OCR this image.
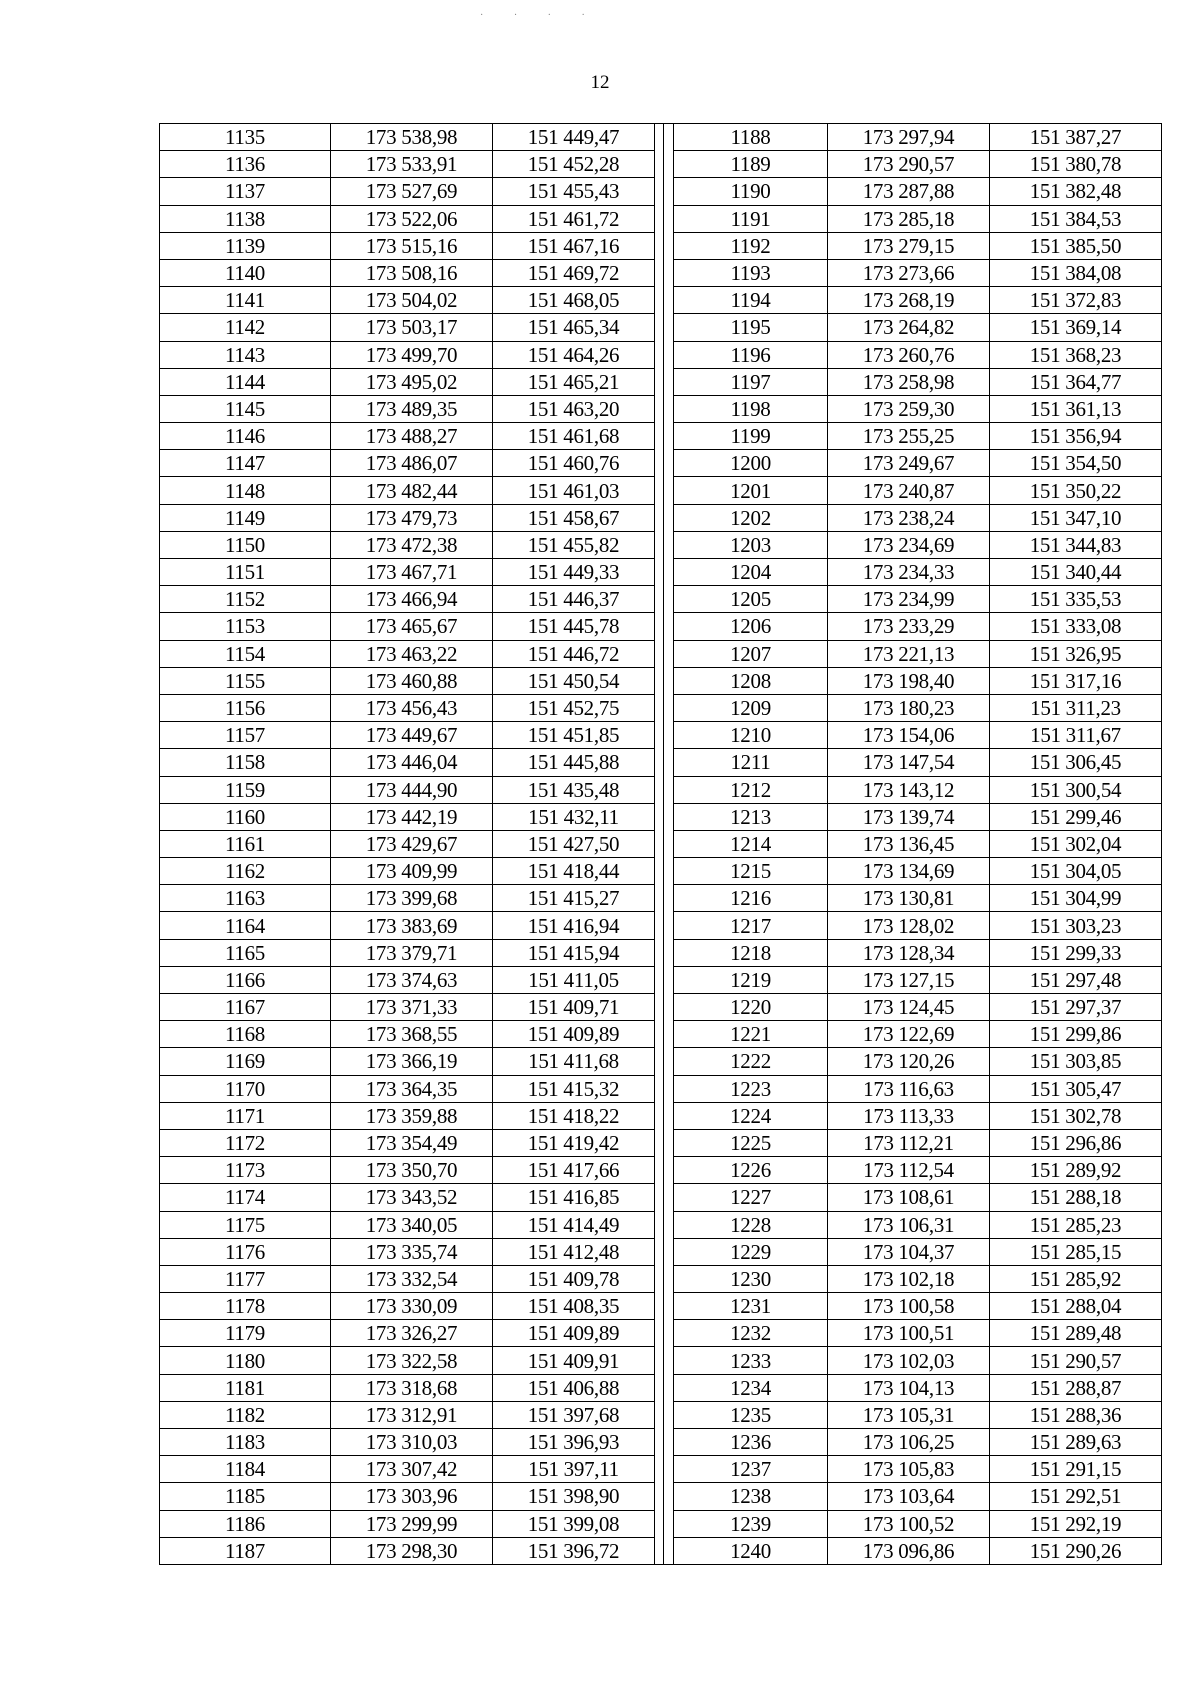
· · · ·
12
1135	173 538,98	151 449,47		1188	173 297,94	151 387,27
1136	173 533,91	151 452,28		1189	173 290,57	151 380,78
1137	173 527,69	151 455,43		1190	173 287,88	151 382,48
1138	173 522,06	151 461,72		1191	173 285,18	151 384,53
1139	173 515,16	151 467,16		1192	173 279,15	151 385,50
1140	173 508,16	151 469,72		1193	173 273,66	151 384,08
1141	173 504,02	151 468,05		1194	173 268,19	151 372,83
1142	173 503,17	151 465,34		1195	173 264,82	151 369,14
1143	173 499,70	151 464,26		1196	173 260,76	151 368,23
1144	173 495,02	151 465,21		1197	173 258,98	151 364,77
1145	173 489,35	151 463,20		1198	173 259,30	151 361,13
1146	173 488,27	151 461,68		1199	173 255,25	151 356,94
1147	173 486,07	151 460,76		1200	173 249,67	151 354,50
1148	173 482,44	151 461,03		1201	173 240,87	151 350,22
1149	173 479,73	151 458,67		1202	173 238,24	151 347,10
1150	173 472,38	151 455,82		1203	173 234,69	151 344,83
1151	173 467,71	151 449,33		1204	173 234,33	151 340,44
1152	173 466,94	151 446,37		1205	173 234,99	151 335,53
1153	173 465,67	151 445,78		1206	173 233,29	151 333,08
1154	173 463,22	151 446,72		1207	173 221,13	151 326,95
1155	173 460,88	151 450,54		1208	173 198,40	151 317,16
1156	173 456,43	151 452,75		1209	173 180,23	151 311,23
1157	173 449,67	151 451,85		1210	173 154,06	151 311,67
1158	173 446,04	151 445,88		1211	173 147,54	151 306,45
1159	173 444,90	151 435,48		1212	173 143,12	151 300,54
1160	173 442,19	151 432,11		1213	173 139,74	151 299,46
1161	173 429,67	151 427,50		1214	173 136,45	151 302,04
1162	173 409,99	151 418,44		1215	173 134,69	151 304,05
1163	173 399,68	151 415,27		1216	173 130,81	151 304,99
1164	173 383,69	151 416,94		1217	173 128,02	151 303,23
1165	173 379,71	151 415,94		1218	173 128,34	151 299,33
1166	173 374,63	151 411,05		1219	173 127,15	151 297,48
1167	173 371,33	151 409,71		1220	173 124,45	151 297,37
1168	173 368,55	151 409,89		1221	173 122,69	151 299,86
1169	173 366,19	151 411,68		1222	173 120,26	151 303,85
1170	173 364,35	151 415,32		1223	173 116,63	151 305,47
1171	173 359,88	151 418,22		1224	173 113,33	151 302,78
1172	173 354,49	151 419,42		1225	173 112,21	151 296,86
1173	173 350,70	151 417,66		1226	173 112,54	151 289,92
1174	173 343,52	151 416,85		1227	173 108,61	151 288,18
1175	173 340,05	151 414,49		1228	173 106,31	151 285,23
1176	173 335,74	151 412,48		1229	173 104,37	151 285,15
1177	173 332,54	151 409,78		1230	173 102,18	151 285,92
1178	173 330,09	151 408,35		1231	173 100,58	151 288,04
1179	173 326,27	151 409,89		1232	173 100,51	151 289,48
1180	173 322,58	151 409,91		1233	173 102,03	151 290,57
1181	173 318,68	151 406,88		1234	173 104,13	151 288,87
1182	173 312,91	151 397,68		1235	173 105,31	151 288,36
1183	173 310,03	151 396,93		1236	173 106,25	151 289,63
1184	173 307,42	151 397,11		1237	173 105,83	151 291,15
1185	173 303,96	151 398,90		1238	173 103,64	151 292,51
1186	173 299,99	151 399,08		1239	173 100,52	151 292,19
1187	173 298,30	151 396,72		1240	173 096,86	151 290,26
